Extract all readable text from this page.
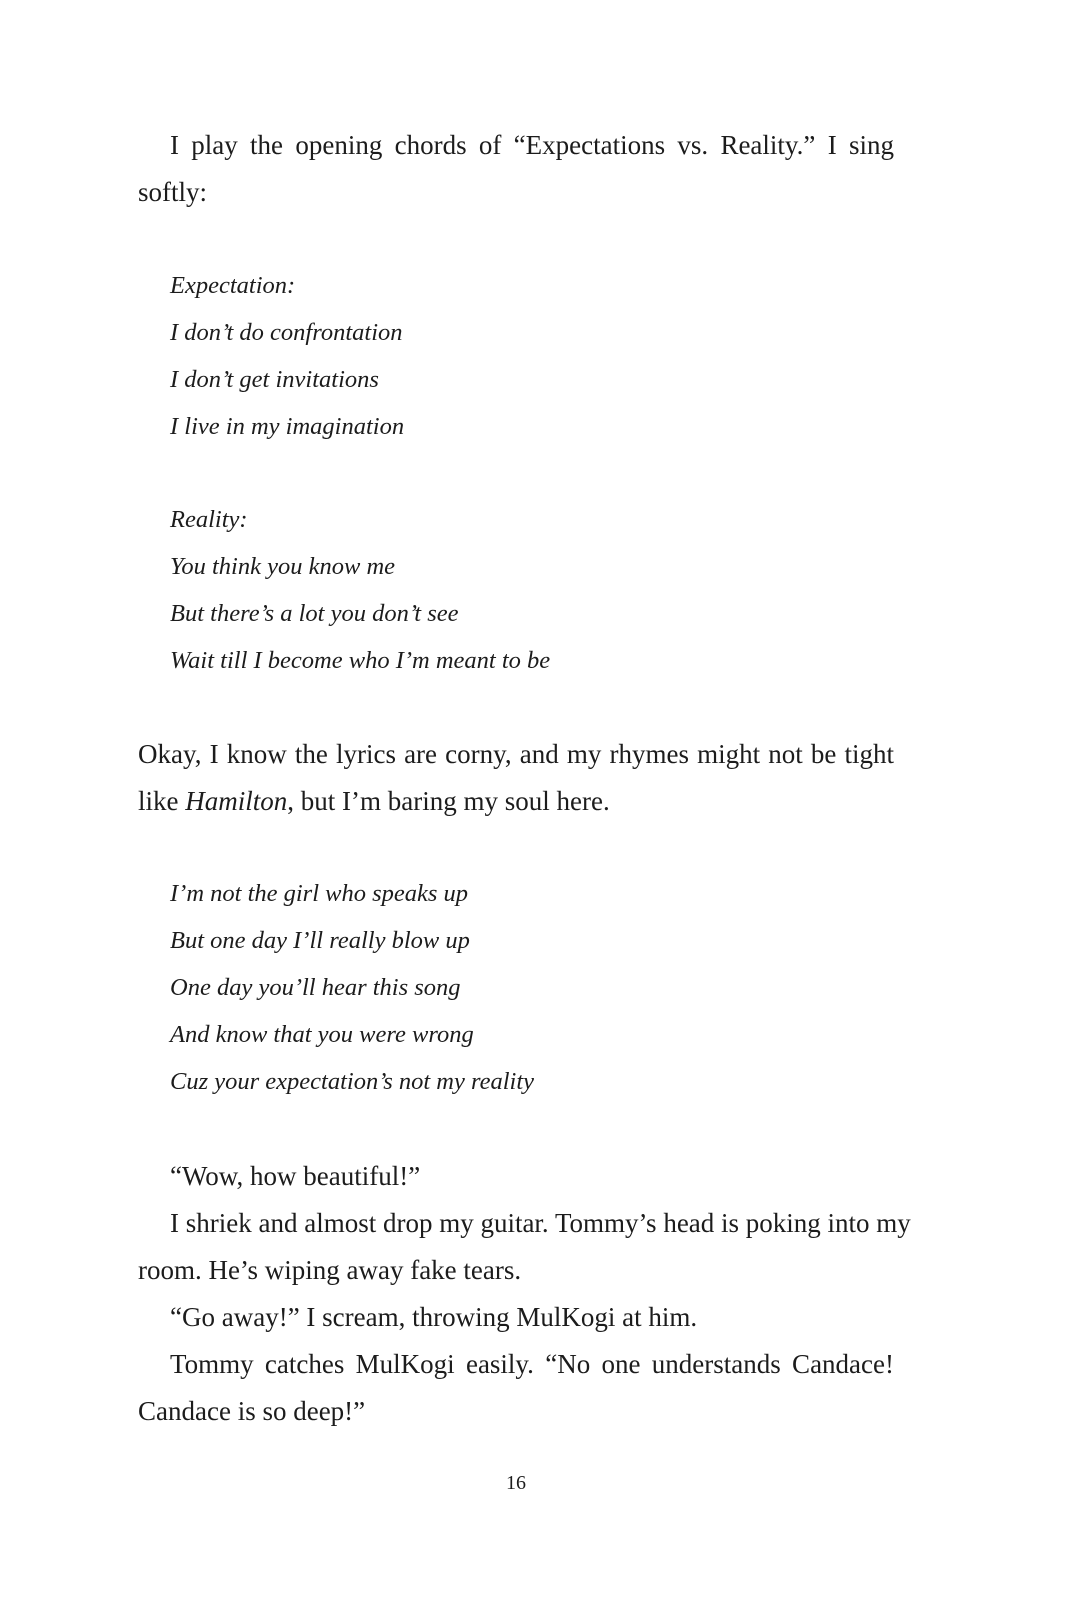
I play the opening chords of “Expectations vs. Reality.” I sing
softly:
Expectation:
I don’t do confrontation
I don’t get invitations
I live in my imagination
Reality:
You think you know me
But there’s a lot you don’t see
Wait till I become who I’m meant to be
Okay, I know the lyrics are corny, and my rhymes might not be tight
like Hamilton, but I’m baring my soul here.
I’m not the girl who speaks up
But one day I’ll really blow up
One day you’ll hear this song
And know that you were wrong
Cuz your expectation’s not my reality
“Wow, how beautiful!”
I shriek and almost drop my guitar. Tommy’s head is poking into my
room. He’s wiping away fake tears.
“Go away!” I scream, throwing MulKogi at him.
Tommy catches MulKogi easily. “No one understands Candace!
Candace is so deep!”
16
